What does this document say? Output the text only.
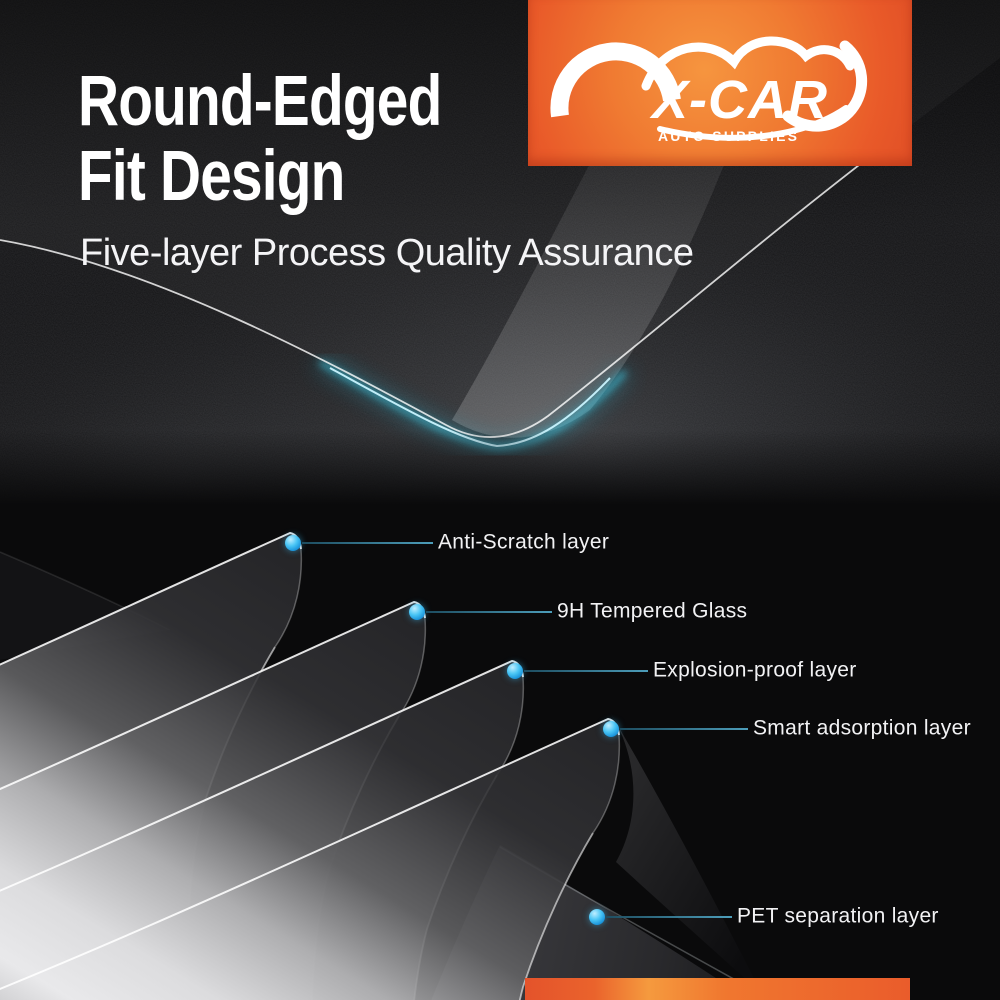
Round-Edged
Fit Design
Five-layer Process Quality Assurance
X-CAR
AUTO SUPPLIES
Anti-Scratch layer
9H Tempered Glass
Explosion-proof layer
Smart adsorption layer
PET separation layer
